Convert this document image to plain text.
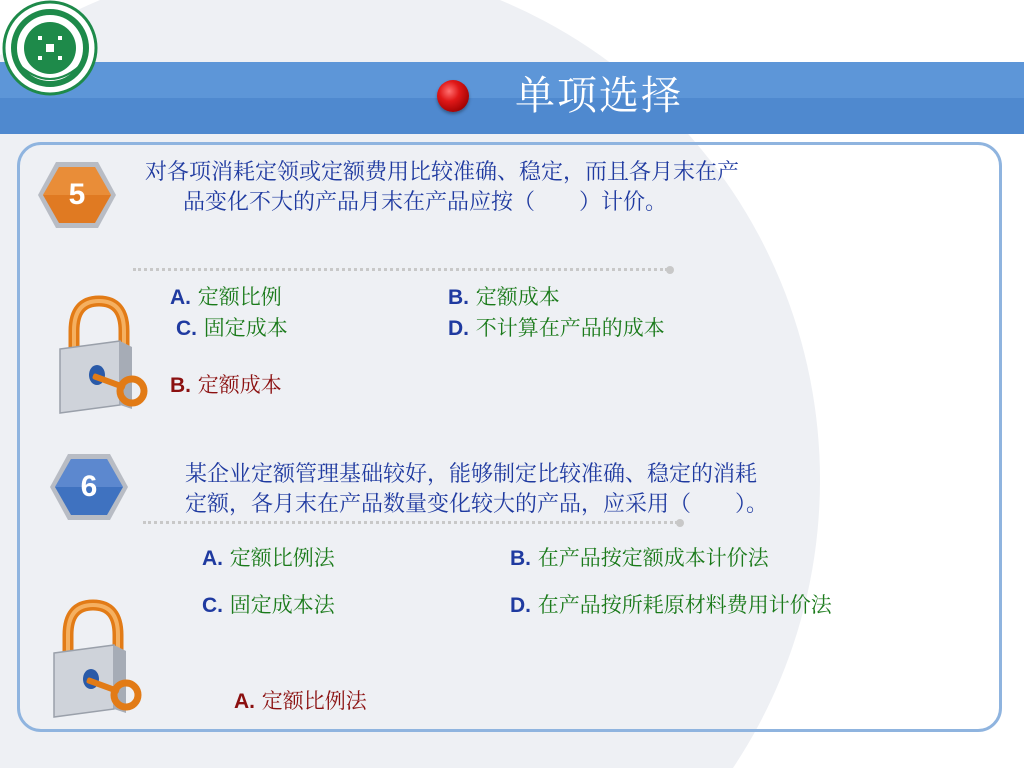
单项选择
5
对各项消耗定领或定额费用比较准确、稳定，而且各月末在产
品变化不大的产品月末在产品应按（　　）计价。
A. 定额比例	B. 定额成本
C. 固定成本	D. 不计算在产品的成本
B. 定额成本
6	某企业定额管理基础较好，能够制定比较准确、稳定的消耗
定额，各月末在产品数量变化较大的产品，应采用（　　）。
A. 定额比例法	B. 在产品按定额成本计价法
C. 固定成本法	D. 在产品按所耗原材料费用计价法
A. 定额比例法
